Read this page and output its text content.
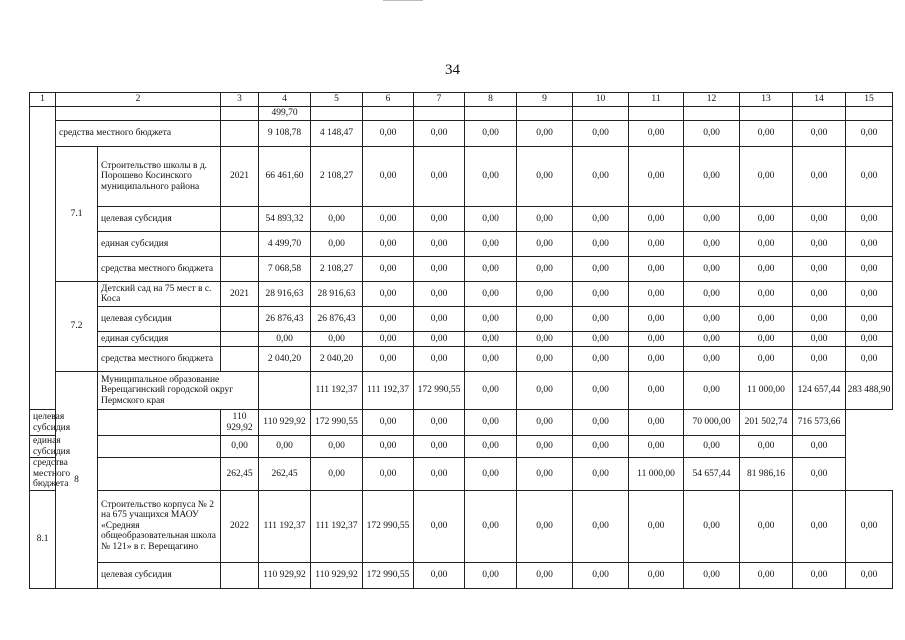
34
1	2		3	4	5	6	7	8	9	10	11	12	13	14	15	
				499,70												
	средства местного бюджета			9 108,78	4 148,47	0,00	0,00	0,00	0,00	0,00	0,00	0,00	0,00	0,00	0,00	
	7.1	Строительство школы в д. Порошево Косинского муниципального района	2021	66 461,60	2 108,27	0,00	0,00	0,00	0,00	0,00	0,00	0,00	0,00	0,00	0,00	
		целевая субсидия		54 893,32	0,00	0,00	0,00	0,00	0,00	0,00	0,00	0,00	0,00	0,00	0,00	
		единая субсидия		4 499,70	0,00	0,00	0,00	0,00	0,00	0,00	0,00	0,00	0,00	0,00	0,00	
		средства местного бюджета		7 068,58	2 108,27	0,00	0,00	0,00	0,00	0,00	0,00	0,00	0,00	0,00	0,00	
	7.2	Детский сад на 75 мест в с. Коса	2021	28 916,63	28 916,63	0,00	0,00	0,00	0,00	0,00	0,00	0,00	0,00	0,00	0,00	
		целевая субсидия		26 876,43	26 876,43	0,00	0,00	0,00	0,00	0,00	0,00	0,00	0,00	0,00	0,00	
		единая субсидия		0,00	0,00	0,00	0,00	0,00	0,00	0,00	0,00	0,00	0,00	0,00	0,00	
		средства местного бюджета		2 040,20	2 040,20	0,00	0,00	0,00	0,00	0,00	0,00	0,00	0,00	0,00	0,00	
	8	Муниципальное образование Верещагинский городской округ Пермского края			111 192,37	111 192,37	172 990,55	0,00	0,00	0,00	0,00	0,00	11 000,00	124 657,44	283 488,90	
целевая субсидия			110 929,92	110 929,92	172 990,55	0,00	0,00	0,00	0,00	0,00	0,00	70 000,00	201 502,74	716 573,66		
единая субсидия			0,00	0,00	0,00	0,00	0,00	0,00	0,00	0,00	0,00	0,00	0,00	0,00		
средства местного бюджета			262,45	262,45	0,00	0,00	0,00	0,00	0,00	0,00	11 000,00	54 657,44	81 986,16	0,00		
8.1		Строительство корпуса № 2 на 675 учащихся МАОУ «Средняя общеобразовательная школа № 121» в г. Верещагино	2022	111 192,37	111 192,37	172 990,55	0,00	0,00	0,00	0,00	0,00	0,00	0,00	0,00	0,00	
		целевая субсидия		110 929,92	110 929,92	172 990,55	0,00	0,00	0,00	0,00	0,00	0,00	0,00	0,00	0,00	
